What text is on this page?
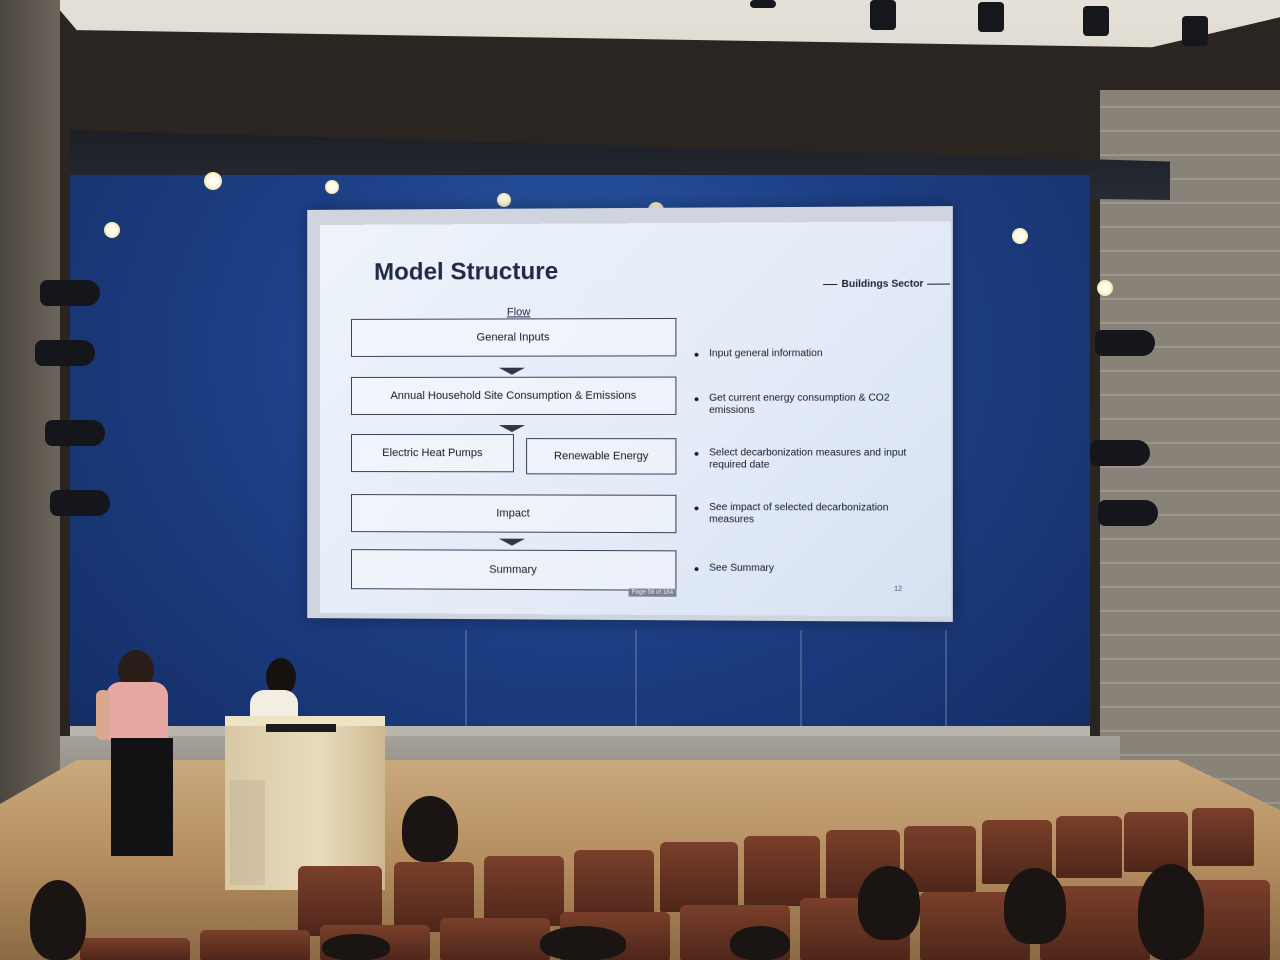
Model Structure	Buildings Sector
Flow
General Inputs
Annual Household Site Consumption & Emissions
Electric Heat Pumps	Renewable Energy
Impact
Summary
● Input general information
● Get current energy consumption & CO2 emissions
● Select decarbonization measures and input required date
● See impact of selected decarbonization measures
● See Summary
Page 58 of 184	12
